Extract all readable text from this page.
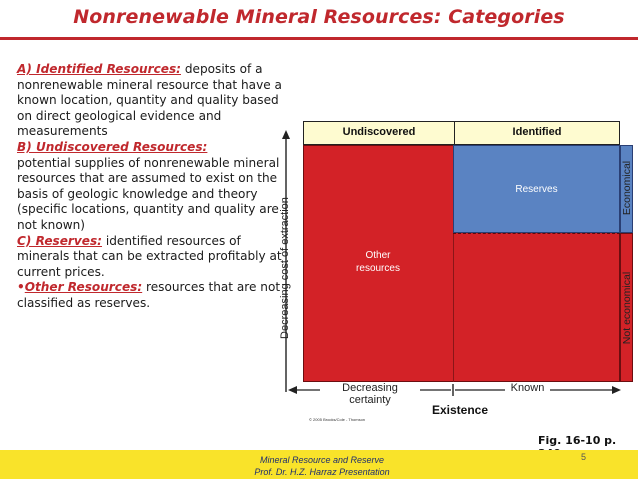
Nonrenewable Mineral Resources: Categories

A) Identified Resources: deposits of a nonrenewable mineral resource that have a known location, quantity and quality based on direct geological evidence and measurements

B) Undiscovered Resources:
potential supplies of nonrenewable mineral resources that are assumed to exist on the basis of geologic knowledge and theory (specific locations, quantity and quality are not known)

C) Reserves: identified resources of minerals that can be extracted profitably at current prices.

•Other Resources: resources that are not classified as reserves.	Decreasing cost of extraction
Undiscovered	Identified
Reserves
Other
resources
Economical
Not economical
Decreasing certainty
Known
Existence
© 2005 Brooks/Cole - Thomson
Fig. 16-10 p.
Mineral Resource and Reserve
Prof. Dr. H.Z. Harraz Presentation
5
